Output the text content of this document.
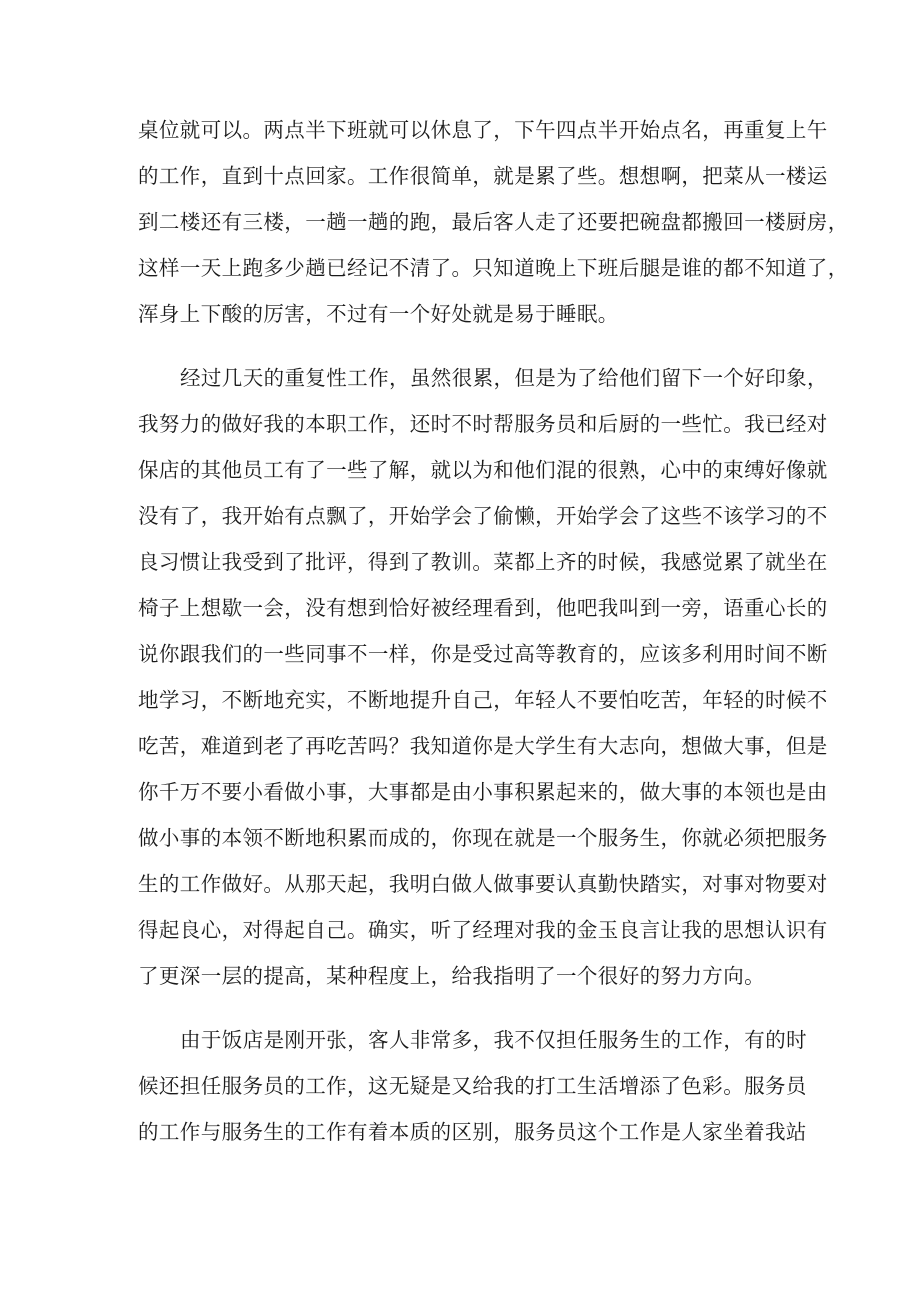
桌位就可以。两点半下班就可以休息了，下午四点半开始点名，再重复上午
的工作，直到十点回家。工作很简单，就是累了些。想想啊，把菜从一楼运
到二楼还有三楼，一趟一趟的跑，最后客人走了还要把碗盘都搬回一楼厨房，
这样一天上跑多少趟已经记不清了。只知道晚上下班后腿是谁的都不知道了，
浑身上下酸的厉害，不过有一个好处就是易于睡眠。
经过几天的重复性工作，虽然很累，但是为了给他们留下一个好印象，
我努力的做好我的本职工作，还时不时帮服务员和后厨的一些忙。我已经对
保店的其他员工有了一些了解，就以为和他们混的很熟，心中的束缚好像就
没有了，我开始有点飘了，开始学会了偷懒，开始学会了这些不该学习的不
良习惯让我受到了批评，得到了教训。菜都上齐的时候，我感觉累了就坐在
椅子上想歇一会，没有想到恰好被经理看到，他吧我叫到一旁，语重心长的
说你跟我们的一些同事不一样，你是受过高等教育的，应该多利用时间不断
地学习，不断地充实，不断地提升自己，年轻人不要怕吃苦，年轻的时候不
吃苦，难道到老了再吃苦吗？我知道你是大学生有大志向，想做大事，但是
你千万不要小看做小事，大事都是由小事积累起来的，做大事的本领也是由
做小事的本领不断地积累而成的，你现在就是一个服务生，你就必须把服务
生的工作做好。从那天起，我明白做人做事要认真勤快踏实，对事对物要对
得起良心，对得起自己。确实，听了经理对我的金玉良言让我的思想认识有
了更深一层的提高，某种程度上，给我指明了一个很好的努力方向。
由于饭店是刚开张，客人非常多，我不仅担任服务生的工作，有的时
候还担任服务员的工作，这无疑是又给我的打工生活增添了色彩。服务员
的工作与服务生的工作有着本质的区别，服务员这个工作是人家坐着我站
